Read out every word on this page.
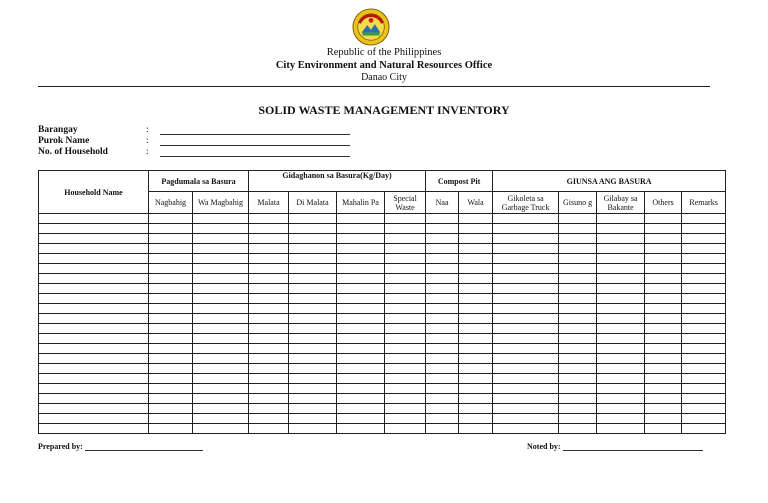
Republic of the Philippines
City Environment and Natural Resources Office
Danao City
SOLID WASTE MANAGEMENT INVENTORY
Barangay	:
Purok Name	:
No. of Household	:
Household Name	Pagdumala sa Basura		Gidaghanon sa Basura(Kg/Day)				Compost Pit		GIUNSA ANG BASURA				
	Nagbahig	Wa Magbahig	Malata	Di Malata	Mahalin Pa	Special Waste	Naa	Wala	Gikoleta sa Garbage Truck	Gisuno g	Gilabay sa Bakante	Others	Remarks

Prepared by:	Noted by:
